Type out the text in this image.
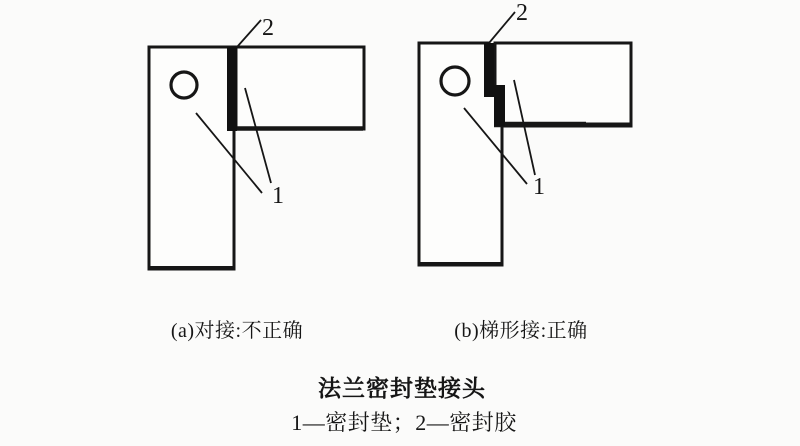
2
1
2
1
(a)对接:不正确	(b)梯形接:正确
法兰密封垫接头
1—密封垫；2—密封胶
